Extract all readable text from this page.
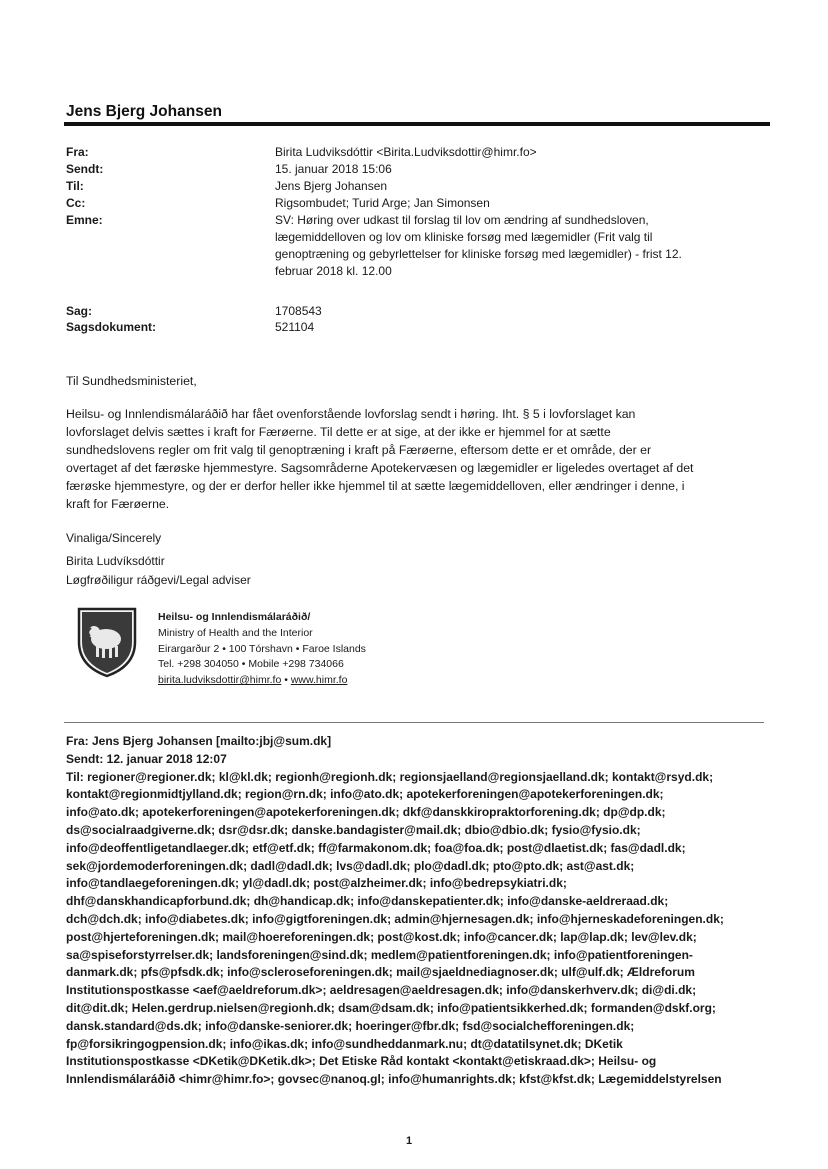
Jens Bjerg Johansen
Fra:	Birita Ludviksdóttir <Birita.Ludviksdottir@himr.fo>
Sendt:	15. januar 2018 15:06
Til:	Jens Bjerg Johansen
Cc:	Rigsombudet; Turid Arge; Jan Simonsen
Emne:	SV: Høring over udkast til forslag til lov om ændring af sundhedsloven,
lægemiddelloven og lov om kliniske forsøg med lægemidler (Frit valg til
genoptræning og gebyrlettelser for kliniske forsøg med lægemidler) - frist 12.
februar 2018 kl. 12.00
Sag:	1708543
Sagsdokument:	521104
Til Sundhedsministeriet,
Heilsu- og Innlendismálaráðið har fået ovenforstående lovforslag sendt i høring. Iht. § 5 i lovforslaget kan
lovforslaget delvis sættes i kraft for Færøerne. Til dette er at sige, at der ikke er hjemmel for at sætte
sundhedslovens regler om frit valg til genoptræning i kraft på Færøerne, eftersom dette er et område, der er
overtaget af det færøske hjemmestyre. Sagsområderne Apotekervæsen og lægemidler er ligeledes overtaget af det
færøske hjemmestyre, og der er derfor heller ikke hjemmel til at sætte lægemiddelloven, eller ændringer i denne, i
kraft for Færøerne.
Vinaliga/Sincerely
Birita Ludvíksdóttir
Løgfrøðiligur ráðgevi/Legal adviser
Heilsu- og Innlendismálaráðið/
Ministry of Health and the Interior
Eirargarður 2 • 100 Tórshavn • Faroe Islands
Tel. +298 304050 • Mobile +298 734066
birita.ludviksdottir@himr.fo • www.himr.fo
Fra: Jens Bjerg Johansen [mailto:jbj@sum.dk]
Sendt: 12. januar 2018 12:07
Til: regioner@regioner.dk; kl@kl.dk; regionh@regionh.dk; regionsjaelland@regionsjaelland.dk; kontakt@rsyd.dk;
kontakt@regionmidtjylland.dk; region@rn.dk; info@ato.dk; apotekerforeningen@apotekerforeningen.dk;
info@ato.dk; apotekerforeningen@apotekerforeningen.dk; dkf@danskkiropraktorforening.dk; dp@dp.dk;
ds@socialraadgiverne.dk; dsr@dsr.dk; danske.bandagister@mail.dk; dbio@dbio.dk; fysio@fysio.dk;
info@deoffentligetandlaeger.dk; etf@etf.dk; ff@farmakonom.dk; foa@foa.dk; post@dlaetist.dk; fas@dadl.dk;
sek@jordemoderforeningen.dk; dadl@dadl.dk; lvs@dadl.dk; plo@dadl.dk; pto@pto.dk; ast@ast.dk;
info@tandlaegeforeningen.dk; yl@dadl.dk; post@alzheimer.dk; info@bedrepsykiatri.dk;
dhf@danskhandicapforbund.dk; dh@handicap.dk; info@danskepatienter.dk; info@danske-aeldreraad.dk;
dch@dch.dk; info@diabetes.dk; info@gigtforeningen.dk; admin@hjernesagen.dk; info@hjerneskadeforeningen.dk;
post@hjerteforeningen.dk; mail@hoereforeningen.dk; post@kost.dk; info@cancer.dk; lap@lap.dk; lev@lev.dk;
sa@spiseforstyrrelser.dk; landsforeningen@sind.dk; medlem@patientforeningen.dk; info@patientforeningen-
danmark.dk; pfs@pfsdk.dk; info@scleroseforeningen.dk; mail@sjaeldnediagnoser.dk; ulf@ulf.dk; Ældreforum
Institutionspostkasse <aef@aeldreforum.dk>; aeldresagen@aeldresagen.dk; info@danskerhverv.dk; di@di.dk;
dit@dit.dk; Helen.gerdrup.nielsen@regionh.dk; dsam@dsam.dk; info@patientsikkerhed.dk; formanden@dskf.org;
dansk.standard@ds.dk; info@danske-seniorer.dk; hoeringer@fbr.dk; fsd@socialchefforeningen.dk;
fp@forsikringogpension.dk; info@ikas.dk; info@sundheddanmark.nu; dt@datatilsynet.dk; DKetik
Institutionspostkasse <DKetik@DKetik.dk>; Det Etiske Råd kontakt <kontakt@etiskraad.dk>; Heilsu- og
Innlendismálaráðið <himr@himr.fo>; govsec@nanoq.gl; info@humanrights.dk; kfst@kfst.dk; Lægemiddelstyrelsen
1
